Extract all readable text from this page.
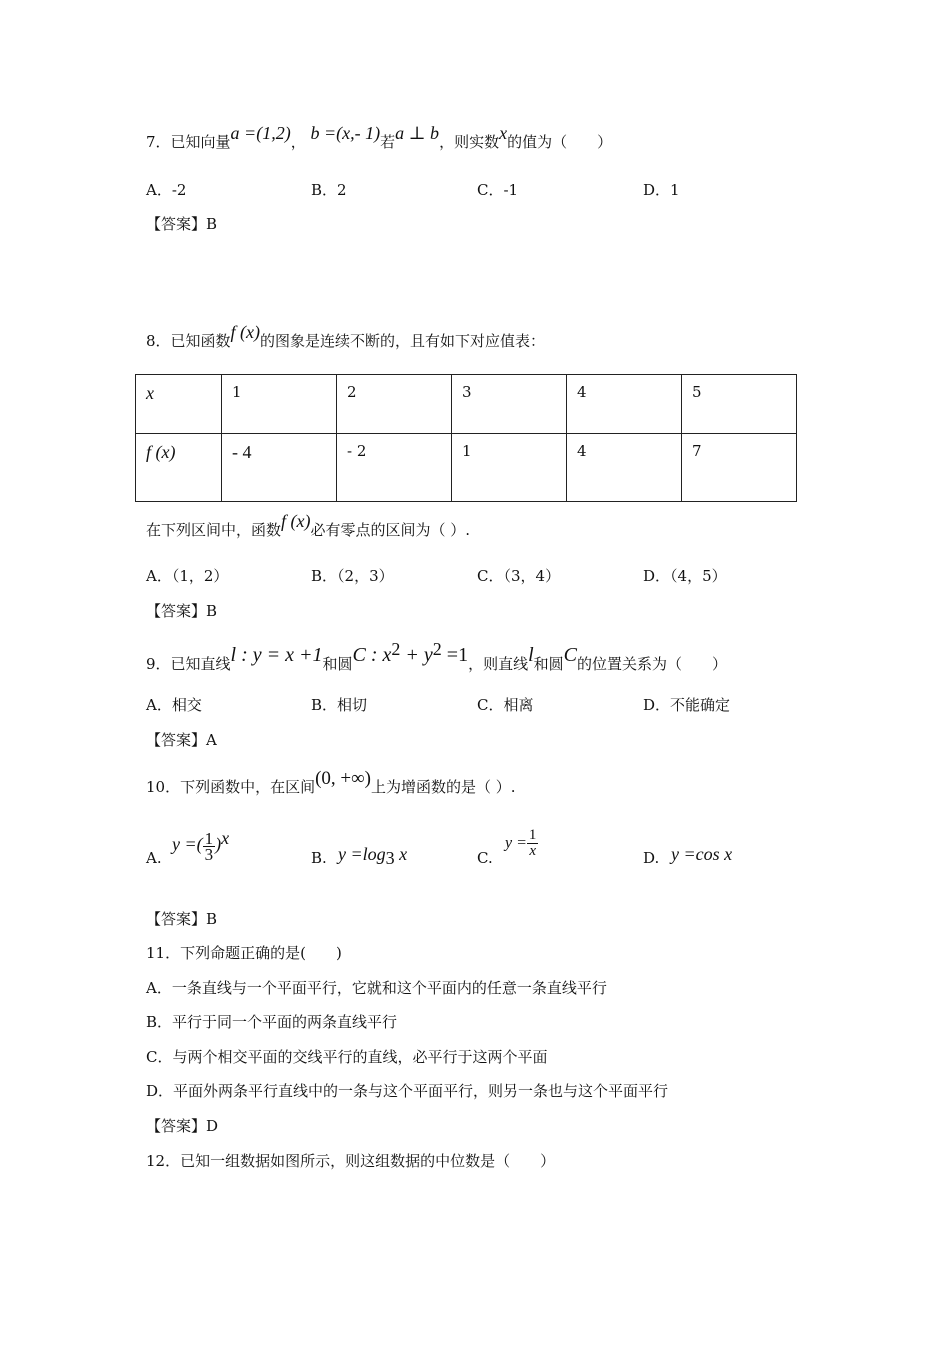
7．已知向量a =(1,2)， b =(x,- 1)若a ⊥ b，则实数x的值为（　　）
A．-2	B．2	C．-1	D．1
【答案】B
8．已知函数f (x)的图象是连续不断的，且有如下对应值表：
x	1	2	3	4	5
f (x)	- 4	- 2	1	4	7
在下列区间中，函数f (x)必有零点的区间为（ ）.
A．（1，2）	B．（2，3）	C．（3，4）	D．（4，5）
【答案】B
9．已知直线l : y = x +1和圆C : $x^2 + y^2 =1$，则直线l和圆C的位置关系为（　　）
A．相交	B．相切	C．相离	D．不能确定
【答案】A
10．下列函数中，在区间(0, +∞)上为增函数的是（ ）.
A.
y =( $\frac{1}{3} )^x$
B. $y =\log_3$ x	C.
$y = \frac{1}{x}$	D. y =cos x
【答案】B
11．下列命题正确的是(　　)
A．一条直线与一个平面平行，它就和这个平面内的任意一条直线平行
B．平行于同一个平面的两条直线平行
C．与两个相交平面的交线平行的直线，必平行于这两个平面
D．平面外两条平行直线中的一条与这个平面平行，则另一条也与这个平面平行
【答案】D
12．已知一组数据如图所示，则这组数据的中位数是（　　）
